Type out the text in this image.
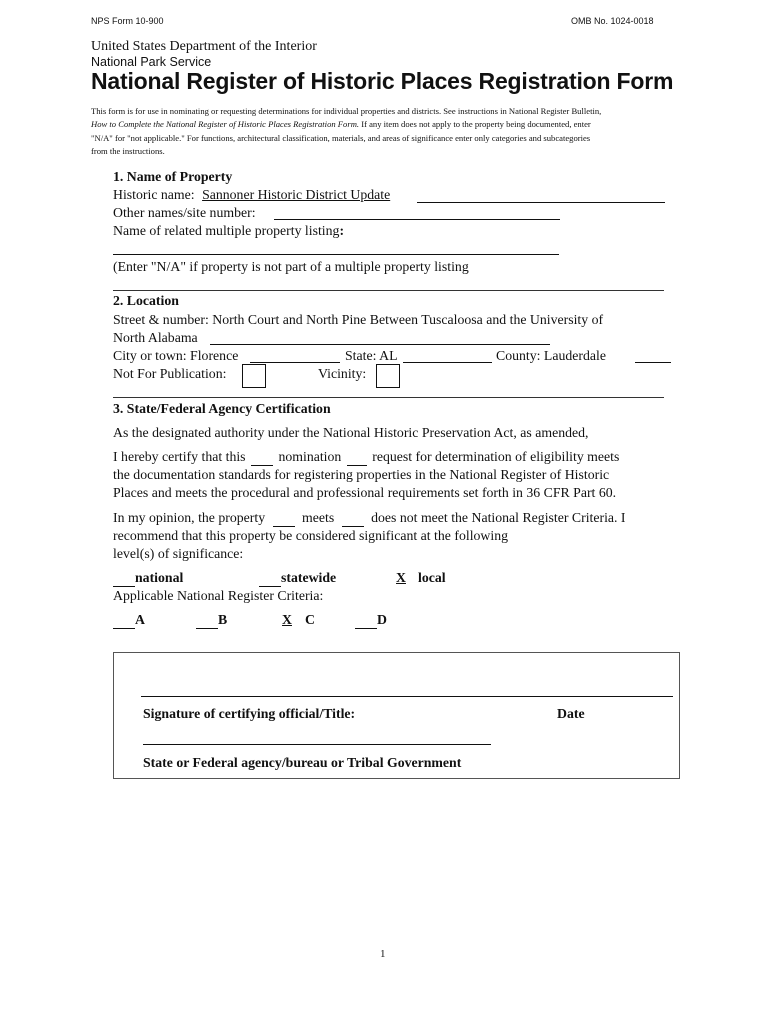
NPS Form 10-900	OMB No. 1024-0018
United States Department of the Interior
National Park Service
National Register of Historic Places Registration Form
This form is for use in nominating or requesting determinations for individual properties and districts. See instructions in National Register Bulletin,
How to Complete the National Register of Historic Places Registration Form. If any item does not apply to the property being documented, enter
"N/A" for "not applicable." For functions, architectural classification, materials, and areas of significance enter only categories and subcategories
from the instructions.
1. Name of Property
Historic name: Sannoner Historic District Update
Other names/site number:
Name of related multiple property listing:
(Enter "N/A" if property is not part of a multiple property listing
2. Location
Street & number: North Court and North Pine Between Tuscaloosa and the University of
North Alabama
City or town: Florence	State: AL	County: Lauderdale
Not For Publication:	Vicinity:
3. State/Federal Agency Certification
As the designated authority under the National Historic Preservation Act, as amended,
I hereby certify that this nomination request for determination of eligibility meets
the documentation standards for registering properties in the National Register of Historic
Places and meets the procedural and professional requirements set forth in 36 CFR Part 60.
In my opinion, the property	meets	does not meet the National Register Criteria. I
recommend that this property be considered significant at the following
level(s) of significance:
national	statewide	X local
Applicable National Register Criteria:
A	B	X C	D
Signature of certifying official/Title:	Date
State or Federal agency/bureau or Tribal Government
1
